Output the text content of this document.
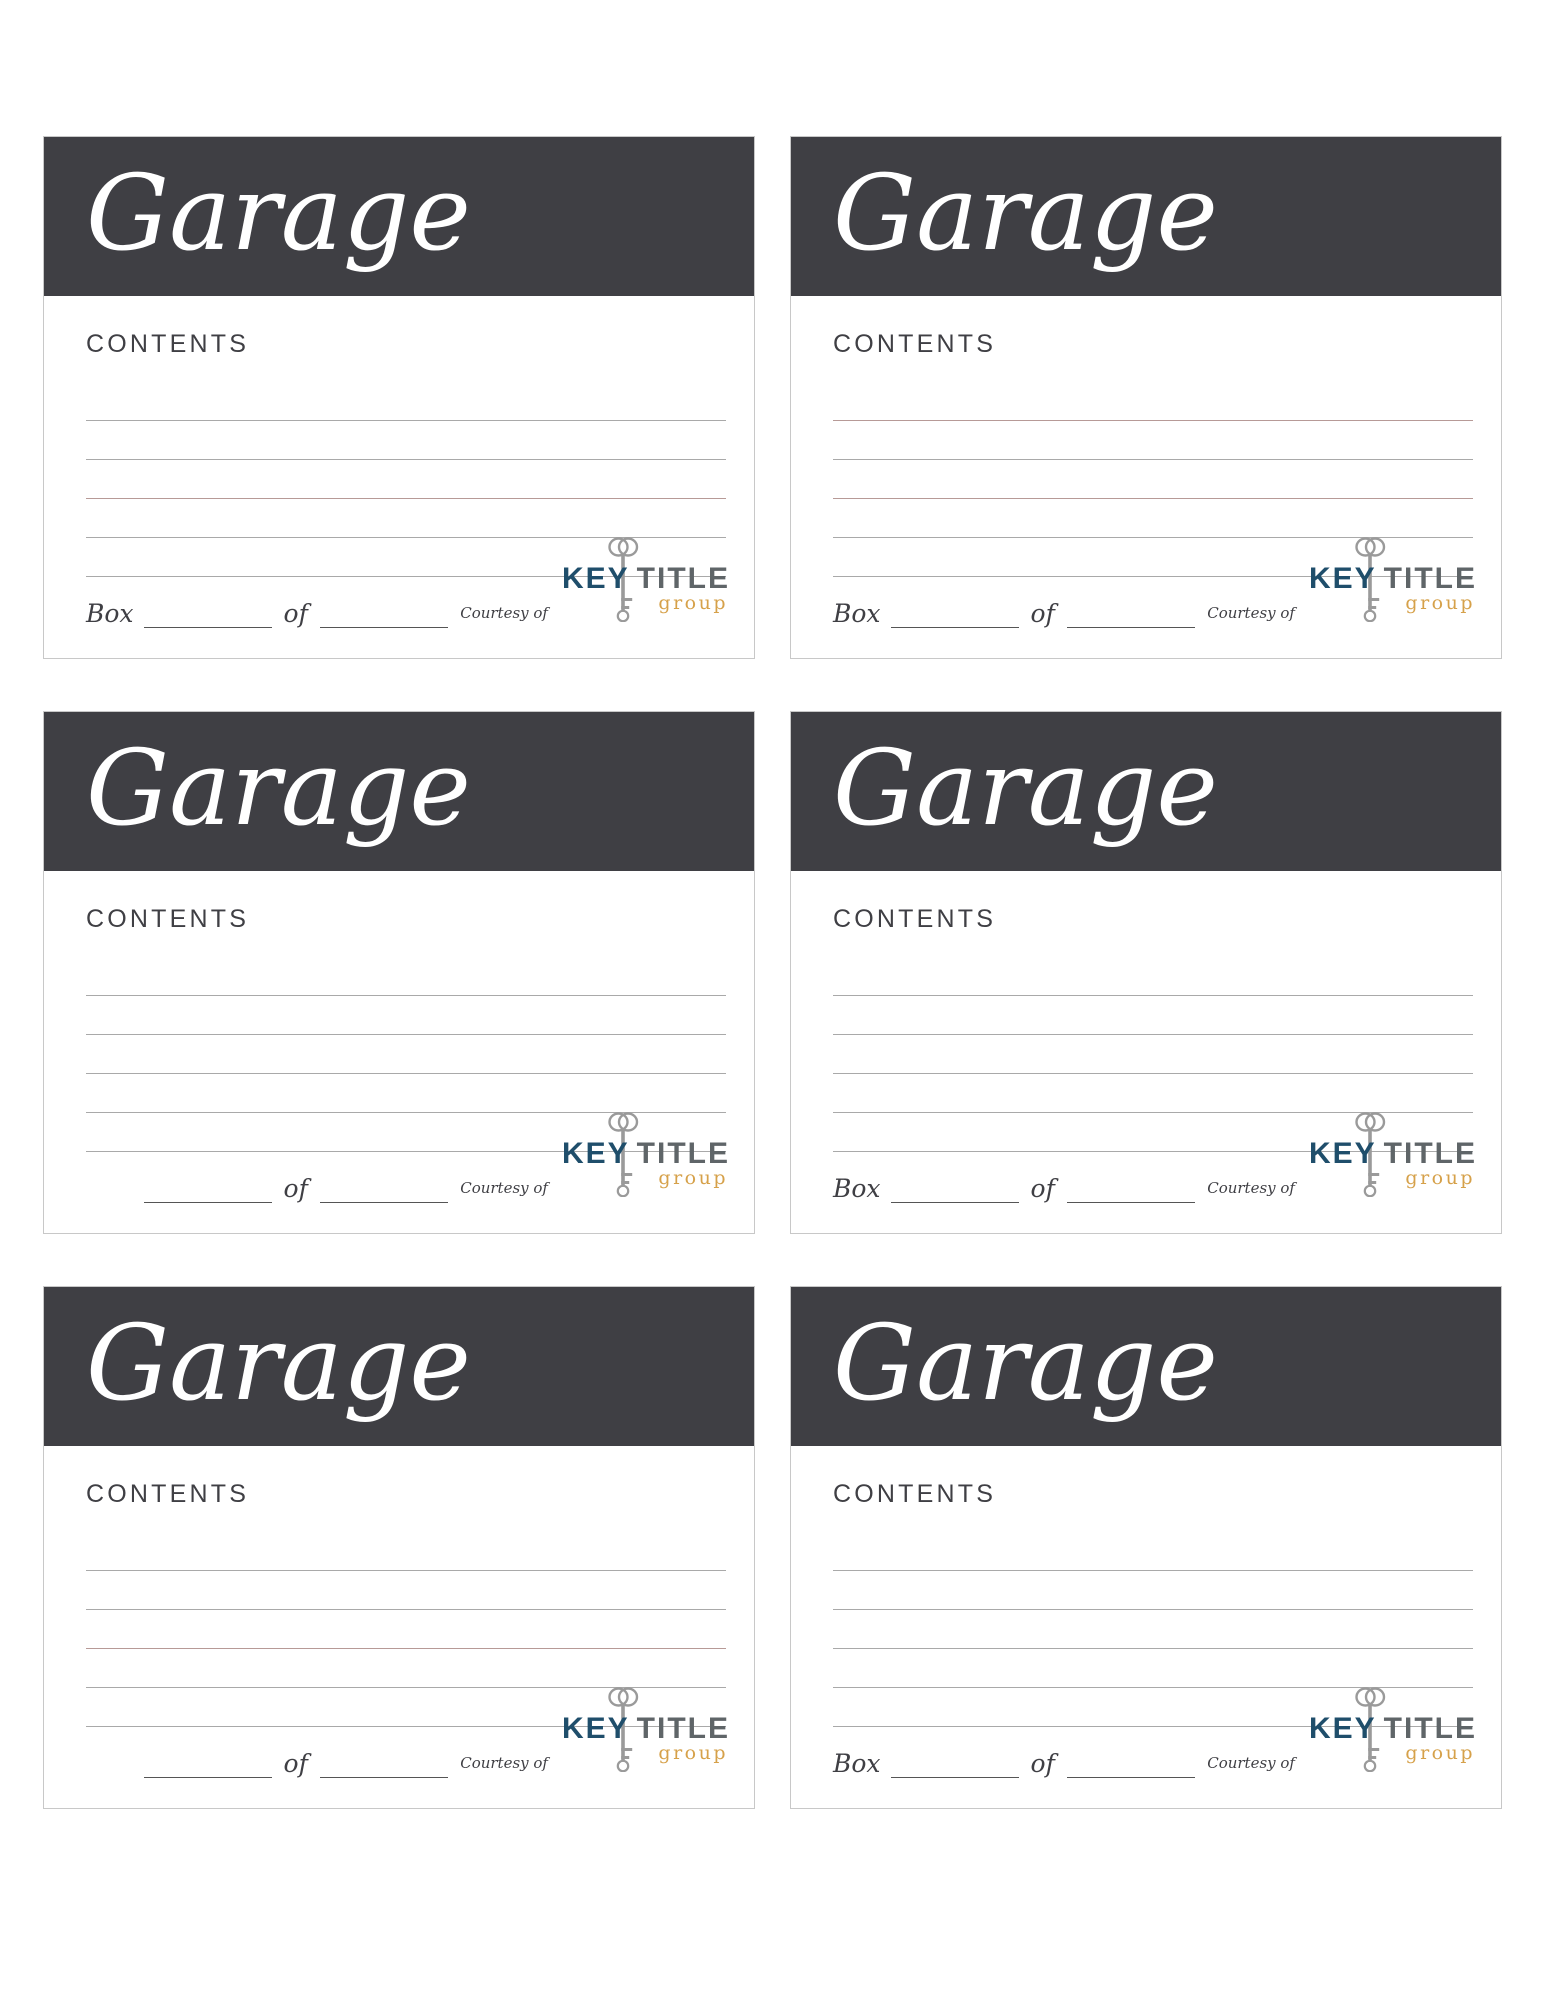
Garage
CONTENTS
Box	of	Courtesy of
KEY TITLE
group
Garage
CONTENTS
Box	of	Courtesy of
KEY TITLE
group
Garage
CONTENTS
of	Courtesy of
KEY TITLE
group
Garage
CONTENTS
Box	of	Courtesy of
KEY TITLE
group
Garage
CONTENTS
of	Courtesy of
KEY TITLE
group
Garage
CONTENTS
Box	of	Courtesy of
KEY TITLE
group
